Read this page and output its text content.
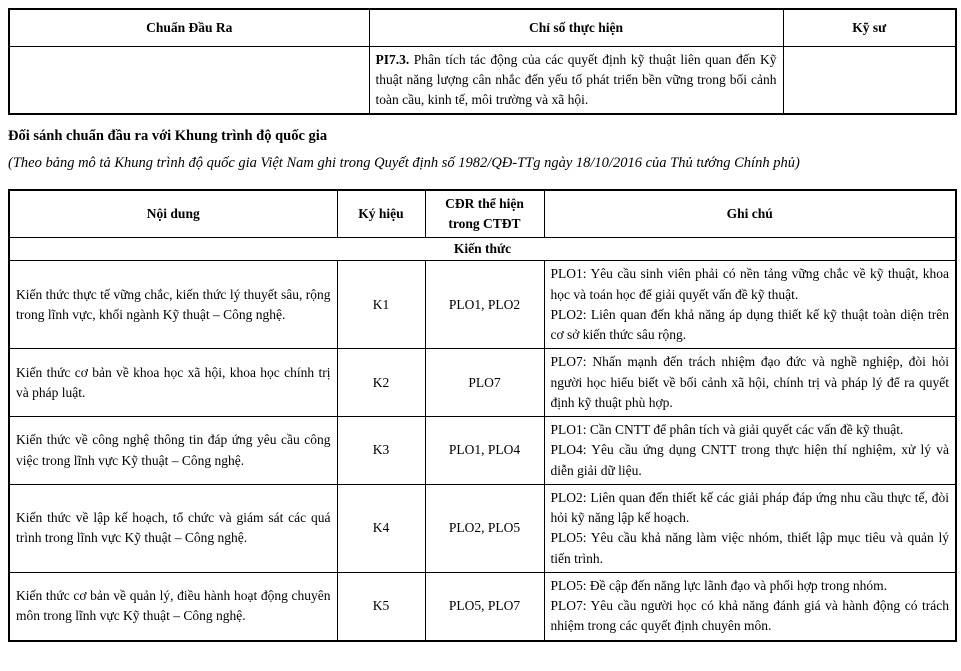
Chuẩn Đầu Ra	Chỉ số thực hiện	Kỹ sư
	PI7.3. Phân tích tác động của các quyết định kỹ thuật liên quan đến Kỹ thuật năng lượng cân nhắc đến yếu tố phát triển bền vững trong bối cảnh toàn cầu, kinh tế, môi trường và xã hội.	

Đối sánh chuẩn đầu ra với Khung trình độ quốc gia

(Theo bảng mô tả Khung trình độ quốc gia Việt Nam ghi trong Quyết định số 1982/QĐ-TTg ngày 18/10/2016 của Thủ tướng Chính phủ)

Nội dung	Ký hiệu	CĐR thể hiện trong CTĐT	Ghi chú
Kiến thức			
Kiến thức thực tế vững chắc, kiến thức lý thuyết sâu, rộng trong lĩnh vực, khối ngành Kỹ thuật – Công nghệ.	K1	PLO1, PLO2	PLO1: Yêu cầu sinh viên phải có nền tảng vững chắc về kỹ thuật, khoa học và toán học để giải quyết vấn đề kỹ thuật.
PLO2: Liên quan đến khả năng áp dụng thiết kế kỹ thuật toàn diện trên cơ sở kiến thức sâu rộng.

Kiến thức cơ bản về khoa học xã hội, khoa học chính trị và pháp luật.	K2	PLO7	PLO7: Nhấn mạnh đến trách nhiệm đạo đức và nghề nghiệp, đòi hỏi người học hiểu biết về bối cảnh xã hội, chính trị và pháp lý để ra quyết định kỹ thuật phù hợp.

Kiến thức về công nghệ thông tin đáp ứng yêu cầu công việc trong lĩnh vực Kỹ thuật – Công nghệ.	K3	PLO1, PLO4	PLO1: Cần CNTT để phân tích và giải quyết các vấn đề kỹ thuật.
PLO4: Yêu cầu ứng dụng CNTT trong thực hiện thí nghiệm, xử lý và diễn giải dữ liệu.

Kiến thức về lập kế hoạch, tổ chức và giám sát các quá trình trong lĩnh vực Kỹ thuật – Công nghệ.	K4	PLO2, PLO5	PLO2: Liên quan đến thiết kế các giải pháp đáp ứng nhu cầu thực tế, đòi hỏi kỹ năng lập kế hoạch.
PLO5: Yêu cầu khả năng làm việc nhóm, thiết lập mục tiêu và quản lý tiến trình.

Kiến thức cơ bản về quản lý, điều hành hoạt động chuyên môn trong lĩnh vực Kỹ thuật – Công nghệ.	K5	PLO5, PLO7	PLO5: Đề cập đến năng lực lãnh đạo và phối hợp trong nhóm.
PLO7: Yêu cầu người học có khả năng đánh giá và hành động có trách nhiệm trong các quyết định chuyên môn.
